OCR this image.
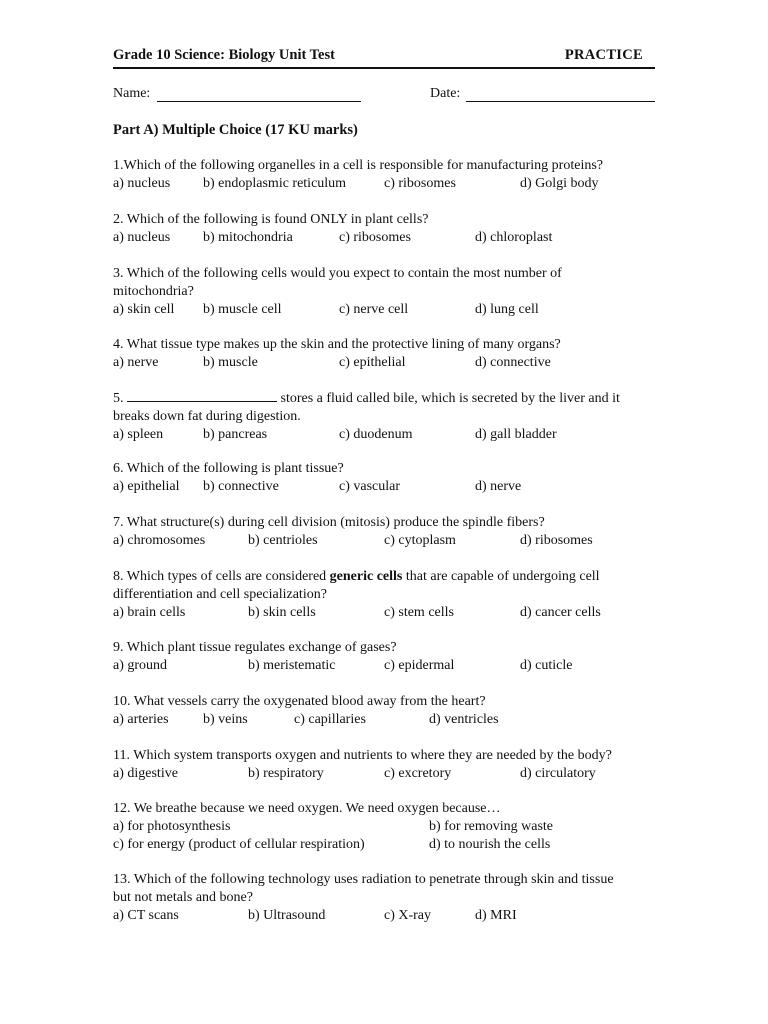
Grade 10 Science: Biology Unit Test	PRACTICE
Name:	Date:
Part A) Multiple Choice (17 KU marks)
1.Which of the following organelles in a cell is responsible for manufacturing proteins?
a) nucleus b) endoplasmic reticulum	c) ribosomes	d) Golgi body
2. Which of the following is found ONLY in plant cells?
a) nucleus b) mitochondria	c) ribosomes	d) chloroplast
3. Which of the following cells would you expect to contain the most number of
mitochondria?
a) skin cell b) muscle cell	c) nerve cell	d) lung cell
4. What tissue type makes up the skin and the protective lining of many organs?
a) nerve	b) muscle	c) epithelial	d) connective
5.	stores a fluid called bile, which is secreted by the liver and it
breaks down fat during digestion.
a) spleen	b) pancreas	c) duodenum	d) gall bladder
6. Which of the following is plant tissue?
a) epithelial b) connective	c) vascular	d) nerve
7. What structure(s) during cell division (mitosis) produce the spindle fibers?
a) chromosomes	b) centrioles	c) cytoplasm	d) ribosomes
8. Which types of cells are considered generic cells that are capable of undergoing cell
differentiation and cell specialization?
a) brain cells	b) skin cells	c) stem cells	d) cancer cells
9. Which plant tissue regulates exchange of gases?
a) ground	b) meristematic	c) epidermal	d) cuticle
10. What vessels carry the oxygenated blood away from the heart?
a) arteries b) veins	c) capillaries	d) ventricles
11. Which system transports oxygen and nutrients to where they are needed by the body?
a) digestive	b) respiratory	c) excretory	d) circulatory
12. We breathe because we need oxygen. We need oxygen because…
a) for photosynthesis	b) for removing waste
c) for energy (product of cellular respiration)	d) to nourish the cells
13. Which of the following technology uses radiation to penetrate through skin and tissue
but not metals and bone?
a) CT scans	b) Ultrasound	c) X-ray	d) MRI
